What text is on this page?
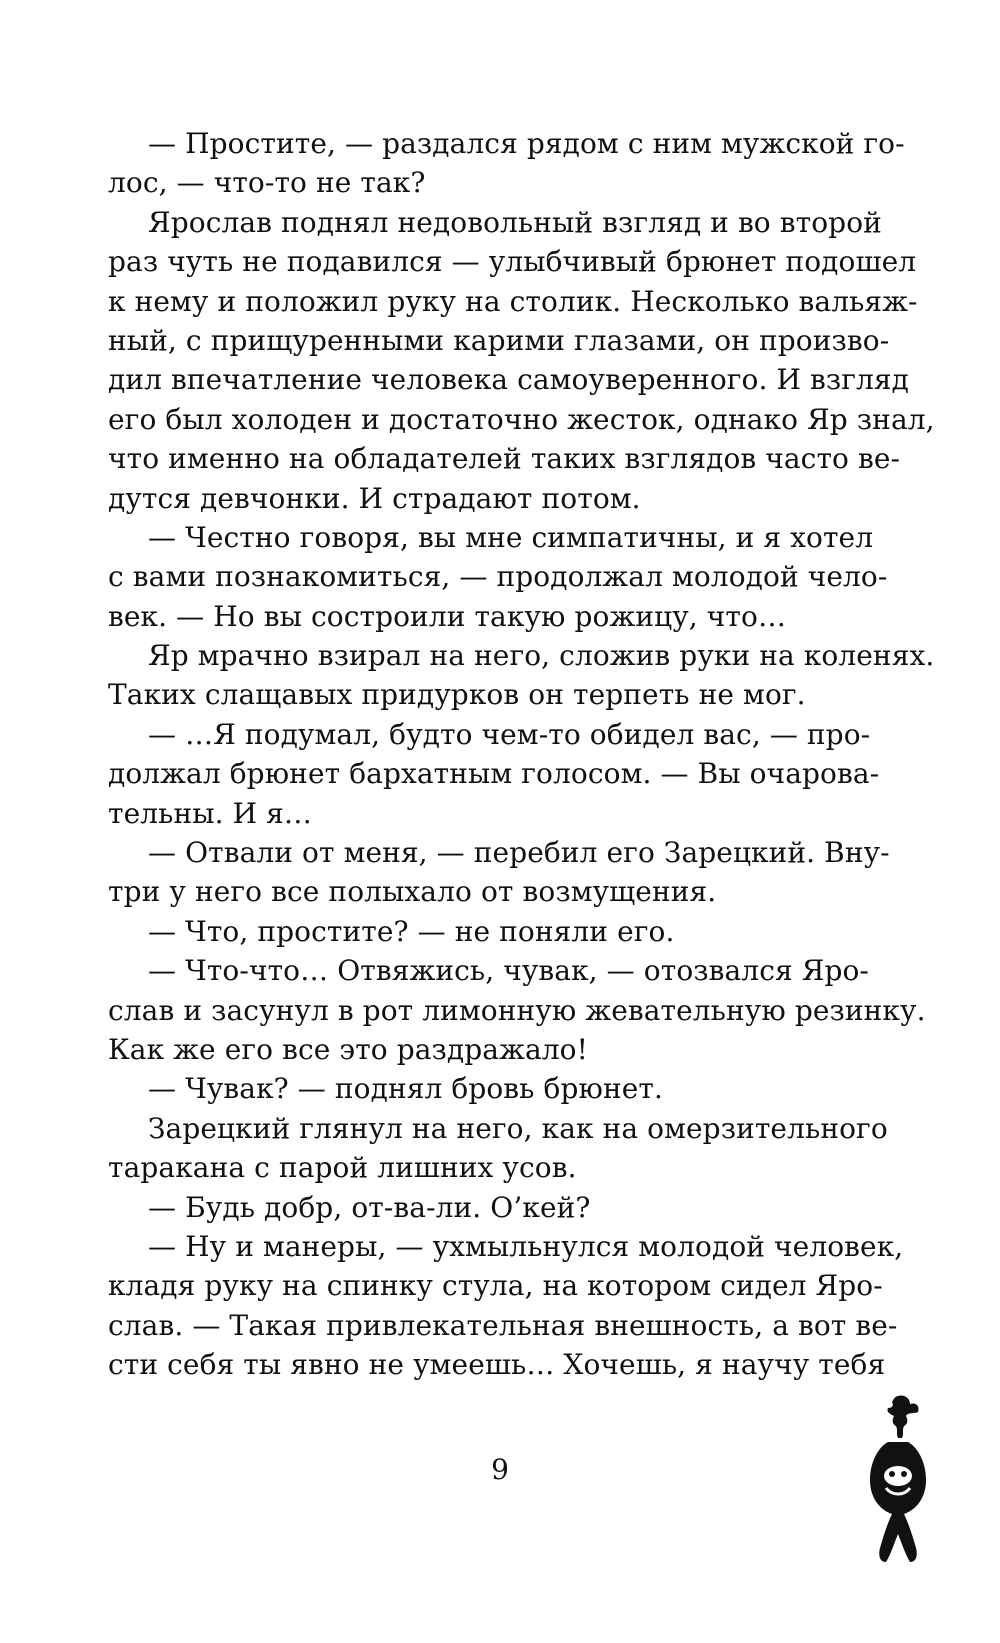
— Простите, — раздался рядом с ним мужской го-
лос, — что-то не так?
Ярослав поднял недовольный взгляд и во второй
раз чуть не подавился — улыбчивый брюнет подошел
к нему и положил руку на столик. Несколько вальяж-
ный, с прищуренными карими глазами, он произво-
дил впечатление человека самоуверенного. И взгляд
его был холоден и достаточно жесток, однако Яр знал,
что именно на обладателей таких взглядов часто ве-
дутся девчонки. И страдают потом.
— Честно говоря, вы мне симпатичны, и я хотел
с вами познакомиться, — продолжал молодой чело-
век. — Но вы состроили такую рожицу, что…
Яр мрачно взирал на него, сложив руки на коленях.
Таких слащавых придурков он терпеть не мог.
— …Я подумал, будто чем-то обидел вас, — про-
должал брюнет бархатным голосом. — Вы очарова-
тельны. И я…
— Отвали от меня, — перебил его Зарецкий. Вну-
три у него все полыхало от возмущения.
— Что, простите? — не поняли его.
— Что-что… Отвяжись, чувак, — отозвался Яро-
слав и засунул в рот лимонную жевательную резинку.
Как же его все это раздражало!
— Чувак? — поднял бровь брюнет.
Зарецкий глянул на него, как на омерзительного
таракана с парой лишних усов.
— Будь добр, от-ва-ли. О’кей?
— Ну и манеры, — ухмыльнулся молодой человек,
кладя руку на спинку стула, на котором сидел Яро-
слав. — Такая привлекательная внешность, а вот ве-
сти себя ты явно не умеешь… Хочешь, я научу тебя
9
